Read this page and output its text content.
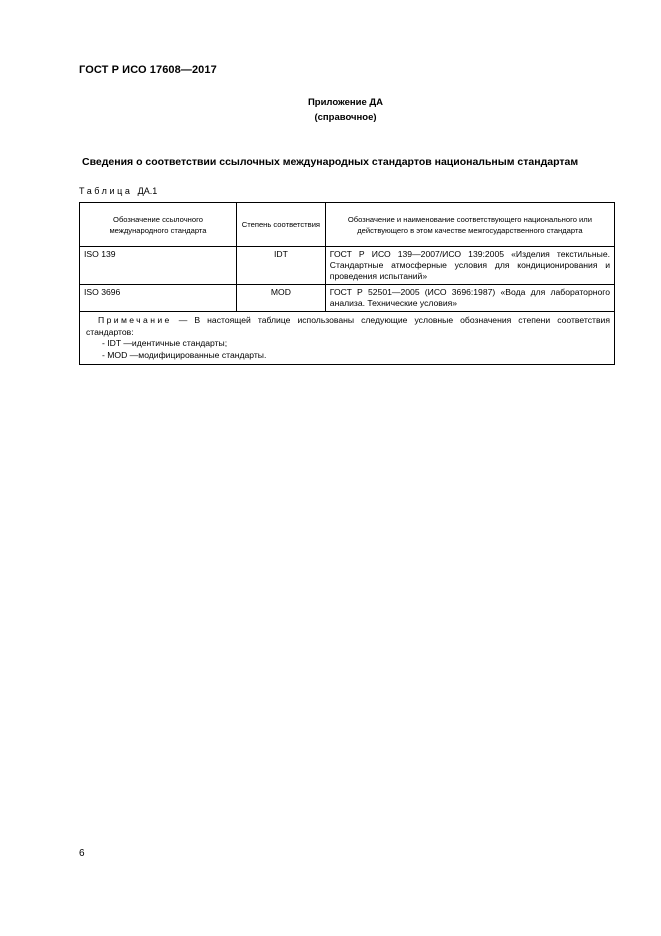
ГОСТ Р ИСО 17608—2017
Приложение ДА
(справочное)
Сведения о соответствии ссылочных международных стандартов национальным стандартам
Таблица ДА.1
Обозначение ссылочного международного стандарта	Степень соответствия	Обозначение и наименование соответствующего национального или действующего в этом качестве межгосударственного стандарта
ISO 139	IDT	ГОСТ Р ИСО 139—2007/ИСО 139:2005 «Изделия текстильные. Стандартные атмосферные условия для кондиционирования и проведения испытаний»
ISO 3696	MOD	ГОСТ Р 52501—2005 (ИСО 3696:1987) «Вода для лабораторного анализа. Технические условия»

Примечание — В настоящей таблице использованы следующие условные обозначения степени соответствия стандартов:
- IDT —идентичные стандарты;
- MOD —модифицированные стандарты.		
6
